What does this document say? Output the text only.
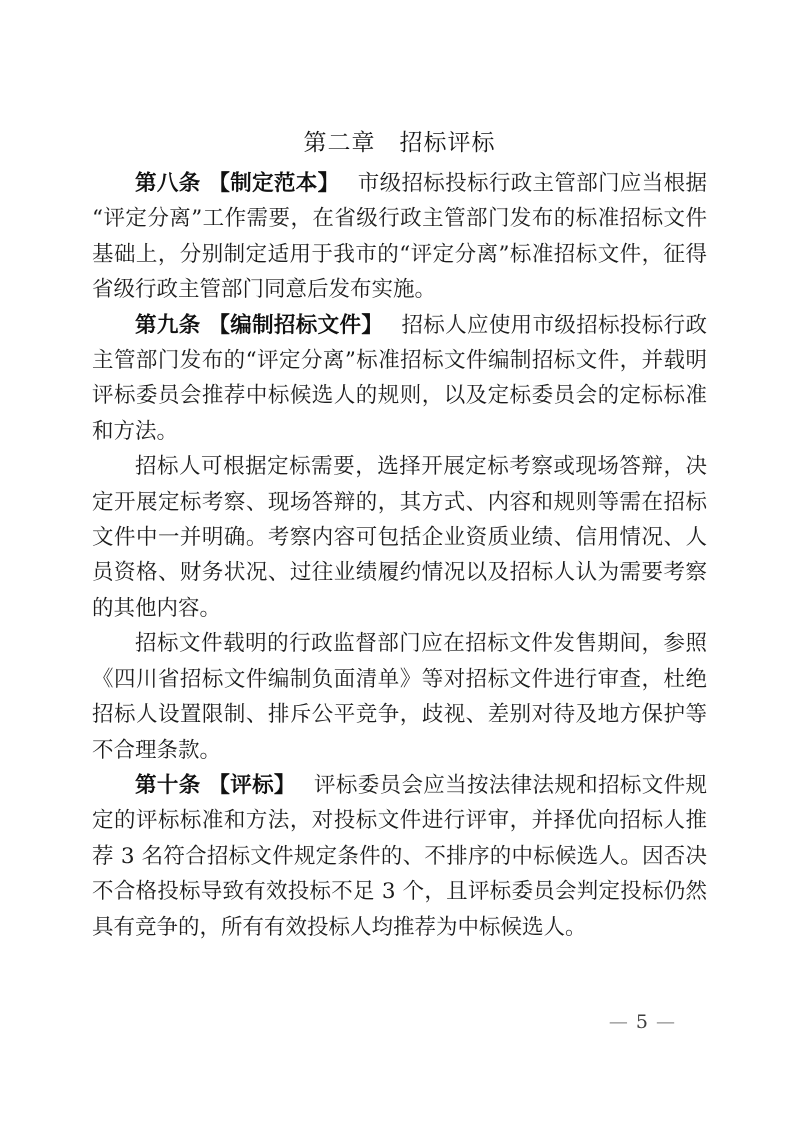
第二章　招标评标

第八条 【制定范本】 市级招标投标行政主管部门应当根据“评定分离”工作需要，在省级行政主管部门发布的标准招标文件基础上，分别制定适用于我市的“评定分离”标准招标文件，征得省级行政主管部门同意后发布实施。

第九条 【编制招标文件】 招标人应使用市级招标投标行政主管部门发布的“评定分离”标准招标文件编制招标文件，并载明评标委员会推荐中标候选人的规则，以及定标委员会的定标标准和方法。

招标人可根据定标需要，选择开展定标考察或现场答辩，决定开展定标考察、现场答辩的，其方式、内容和规则等需在招标文件中一并明确。考察内容可包括企业资质业绩、信用情况、人员资格、财务状况、过往业绩履约情况以及招标人认为需要考察的其他内容。

招标文件载明的行政监督部门应在招标文件发售期间，参照《四川省招标文件编制负面清单》等对招标文件进行审查，杜绝招标人设置限制、排斥公平竞争，歧视、差别对待及地方保护等不合理条款。

第十条 【评标】 评标委员会应当按法律法规和招标文件规定的评标标准和方法，对投标文件进行评审，并择优向招标人推荐 3 名符合招标文件规定条件的、不排序的中标候选人。因否决不合格投标导致有效投标不足 3 个，且评标委员会判定投标仍然具有竞争的，所有有效投标人均推荐为中标候选人。

— 5 —
